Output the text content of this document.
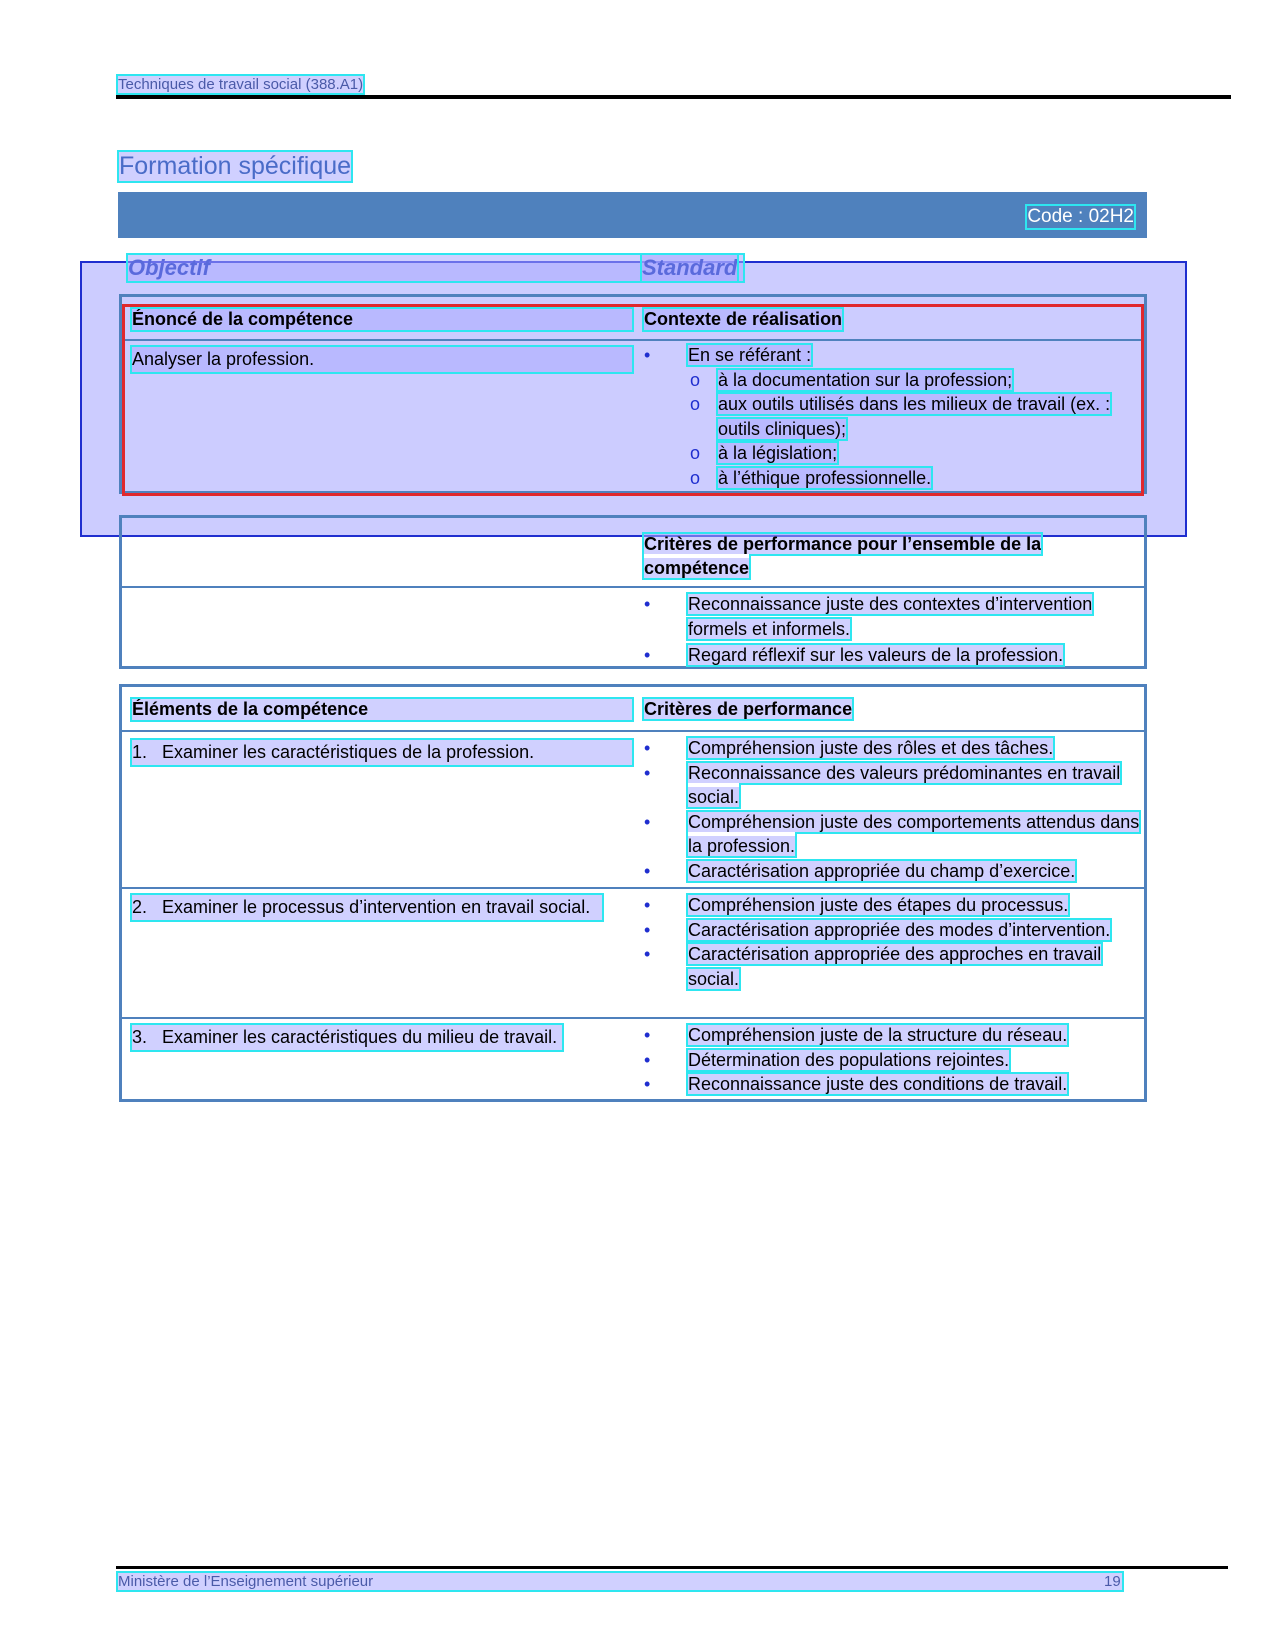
Techniques de travail social (388.A1)
Formation spécifique
Code : 02H2
Objectif	Standard
Énoncé de la compétence	Contexte de réalisation
Analyser la profession.	• En se référant :
o à la documentation sur la profession;
o aux outils utilisés dans les milieux de travail (ex. : outils cliniques);
o à la législation;
o à l’éthique professionnelle.
Critères de performance pour l’ensemble de la compétence
• Reconnaissance juste des contextes d’intervention formels et informels.
• Regard réflexif sur les valeurs de la profession.
Éléments de la compétence	Critères de performance
1. Examiner les caractéristiques de la profession.	• Compréhension juste des rôles et des tâches.
• Reconnaissance des valeurs prédominantes en travail social.
• Compréhension juste des comportements attendus dans la profession.
• Caractérisation appropriée du champ d’exercice.
2. Examiner le processus d’intervention en travail social.	• Compréhension juste des étapes du processus.
• Caractérisation appropriée des modes d’intervention.
• Caractérisation appropriée des approches en travail social.
3. Examiner les caractéristiques du milieu de travail.	• Compréhension juste de la structure du réseau.
• Détermination des populations rejointes.
• Reconnaissance juste des conditions de travail.
Ministère de l’Enseignement supérieur	19
